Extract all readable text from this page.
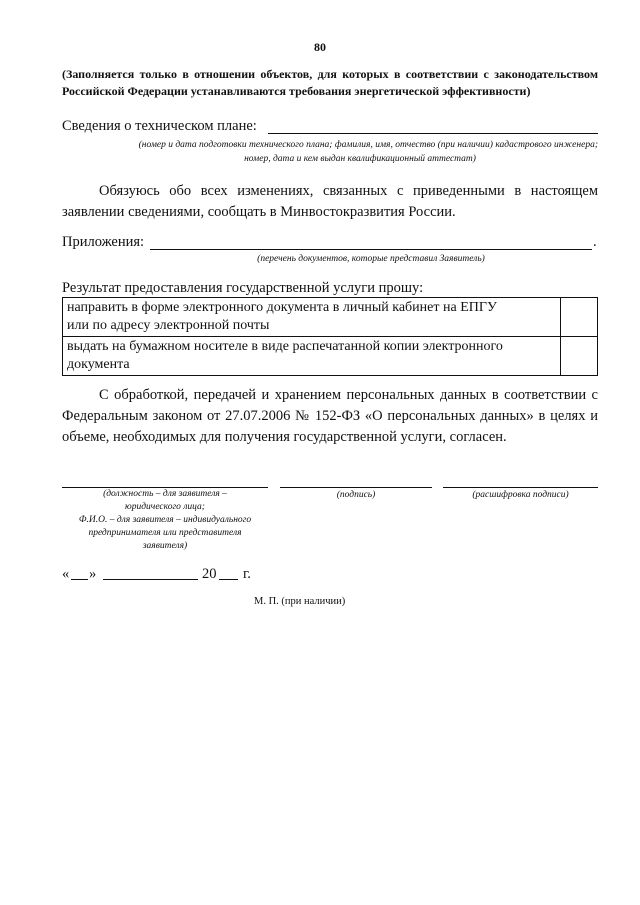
80
(Заполняется только в отношении объектов, для которых в соответствии с законодательством Российской Федерации устанавливаются требования энергетической эффективности)
Сведения о техническом плане:
(номер и дата подготовки технического плана; фамилия, имя, отчество (при наличии) кадастрового инженера;
номер, дата и кем выдан квалификационный аттестат)
Обязуюсь обо всех изменениях, связанных с приведенными в настоящем
заявлении сведениями, сообщать в Минвостокразвития России.
Приложения:	.
(перечень документов, которые представил Заявитель)
Результат предоставления государственной услуги прошу:
направить в форме электронного документа в личный кабинет на ЕПГУ
или по адресу электронной почты	

выдать на бумажном носителе в виде распечатанной копии электронного
документа	

С обработкой, передачей и хранением персональных данных в соответствии с
Федеральным законом от 27.07.2006 № 152-ФЗ «О персональных данных» в целях и
объеме, необходимых для получения государственной услуги, согласен.
(должность – для заявителя –
юридического лица;
Ф.И.О. – для заявителя – индивидуального
предпринимателя или представителя
заявителя)
(подпись)	(расшифровка подписи)
« »	20 г.
М. П. (при наличии)
